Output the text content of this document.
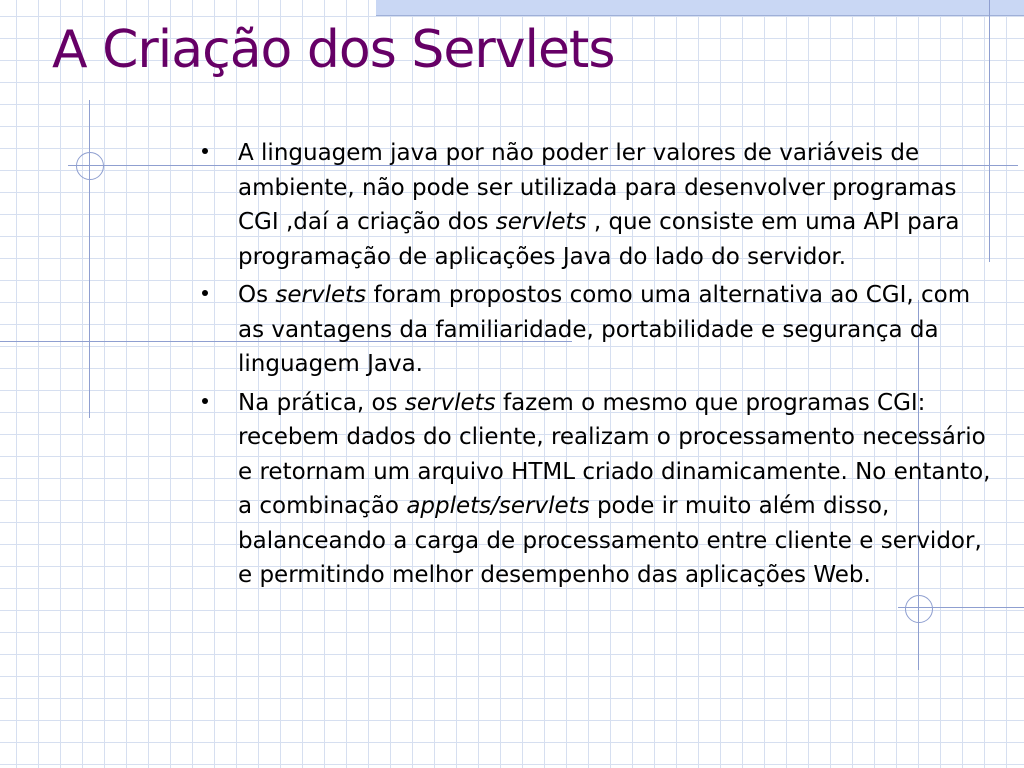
A Criação dos Servlets
A linguagem java por não poder ler valores de variáveis de ambiente, não pode ser utilizada para desenvolver programas CGI ,daí a criação dos servlets , que consiste em uma API para programação de aplicações Java do lado do servidor.
Os servlets foram propostos como uma alternativa ao CGI, com as vantagens da familiaridade, portabilidade e segurança da linguagem Java.
Na prática, os servlets fazem o mesmo que programas CGI: recebem dados do cliente, realizam o processamento necessário e retornam um arquivo HTML criado dinamicamente. No entanto, a combinação applets/servlets pode ir muito além disso, balanceando a carga de processamento entre cliente e servidor, e permitindo melhor desempenho das aplicações Web.
